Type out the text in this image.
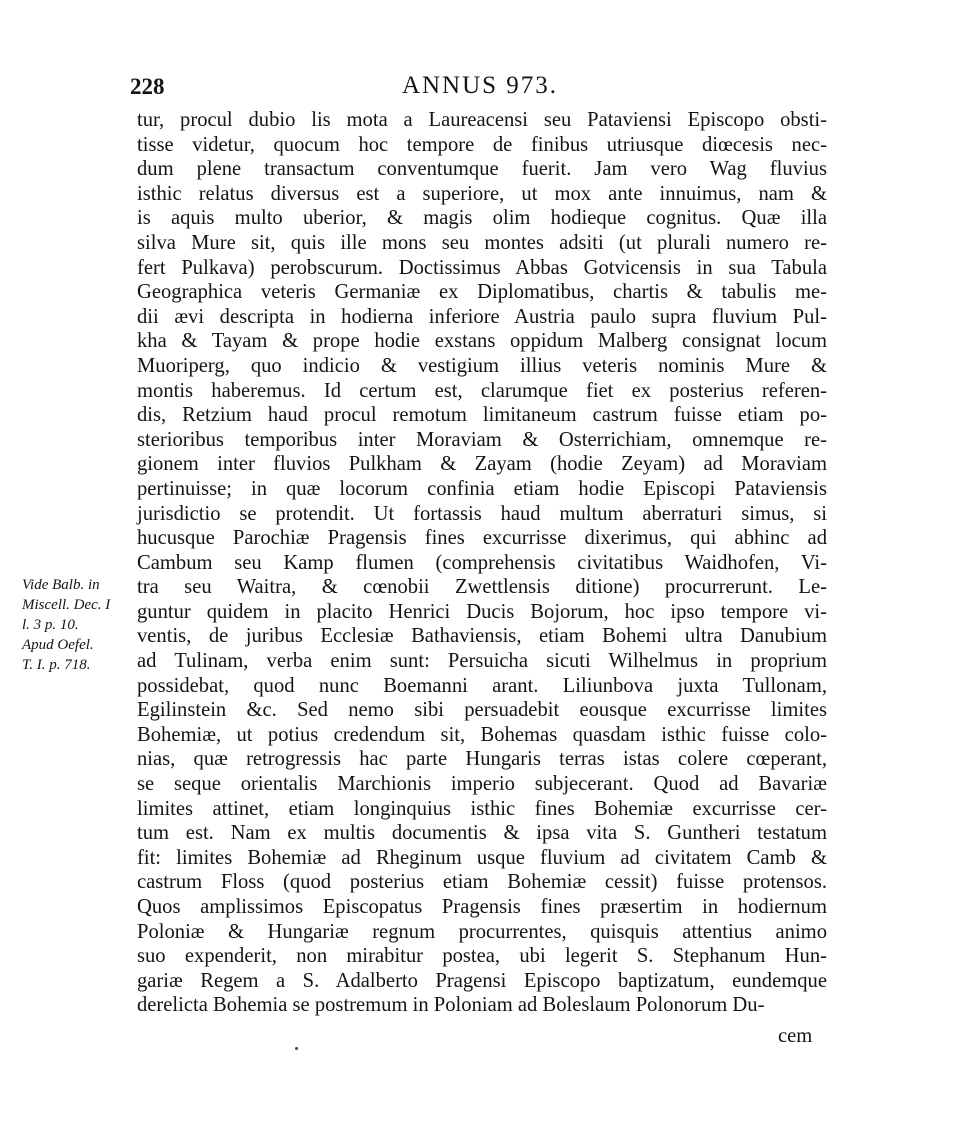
228	ANNUS 973.
tur, procul dubio lis mota a Laureacensi seu Pataviensi Episcopo obsti-
tisse videtur, quocum hoc tempore de finibus utriusque diœcesis nec-
dum plene transactum conventumque fuerit. Jam vero Wag fluvius
isthic relatus diversus est a superiore, ut mox ante innuimus, nam &
is aquis multo uberior, & magis olim hodieque cognitus. Quæ illa
silva Mure sit, quis ille mons seu montes adsiti (ut plurali numero re-
fert Pulkava) perobscurum. Doctissimus Abbas Gotvicensis in sua Tabula
Geographica veteris Germaniæ ex Diplomatibus, chartis & tabulis me-
dii ævi descripta in hodierna inferiore Austria paulo supra fluvium Pul-
kha & Tayam & prope hodie exstans oppidum Malberg consignat locum
Muoriperg, quo indicio & vestigium illius veteris nominis Mure &
montis haberemus. Id certum est, clarumque fiet ex posterius referen-
dis, Retzium haud procul remotum limitaneum castrum fuisse etiam po-
sterioribus temporibus inter Moraviam & Osterrichiam, omnemque re-
gionem inter fluvios Pulkham & Zayam (hodie Zeyam) ad Moraviam
pertinuisse; in quæ locorum confinia etiam hodie Episcopi Pataviensis
jurisdictio se protendit. Ut fortassis haud multum aberraturi simus, si
hucusque Parochiæ Pragensis fines excurrisse dixerimus, qui abhinc ad
Cambum seu Kamp flumen (comprehensis civitatibus Waidhofen, Vi-
tra seu Waitra, & cœnobii Zwettlensis ditione) procurrerunt. Le-
guntur quidem in placito Henrici Ducis Bojorum, hoc ipso tempore vi-
ventis, de juribus Ecclesiæ Bathaviensis, etiam Bohemi ultra Danubium
ad Tulinam, verba enim sunt: Persuicha sicuti Wilhelmus in proprium
possidebat, quod nunc Boemanni arant. Liliunbova juxta Tullonam,
Egilinstein &c. Sed nemo sibi persuadebit eousque excurrisse limites
Bohemiæ, ut potius credendum sit, Bohemas quasdam isthic fuisse colo-
nias, quæ retrogressis hac parte Hungaris terras istas colere cœperant,
se seque orientalis Marchionis imperio subjecerant. Quod ad Bavariæ
limites attinet, etiam longinquius isthic fines Bohemiæ excurrisse cer-
tum est. Nam ex multis documentis & ipsa vita S. Guntheri testatum
fit: limites Bohemiæ ad Rheginum usque fluvium ad civitatem Camb &
castrum Floss (quod posterius etiam Bohemiæ cessit) fuisse protensos.
Quos amplissimos Episcopatus Pragensis fines præsertim in hodiernum
Poloniæ & Hungariæ regnum procurrentes, quisquis attentius animo
suo expenderit, non mirabitur postea, ubi legerit S. Stephanum Hun-
gariæ Regem a S. Adalberto Pragensi Episcopo baptizatum, eundemque
derelicta Bohemia se postremum in Poloniam ad Boleslaum Polonorum Du-
Vide Balb. in
Miscell. Dec. I
l. 3 p. 10.
Apud Oefel.
T. I. p. 718.
cem
